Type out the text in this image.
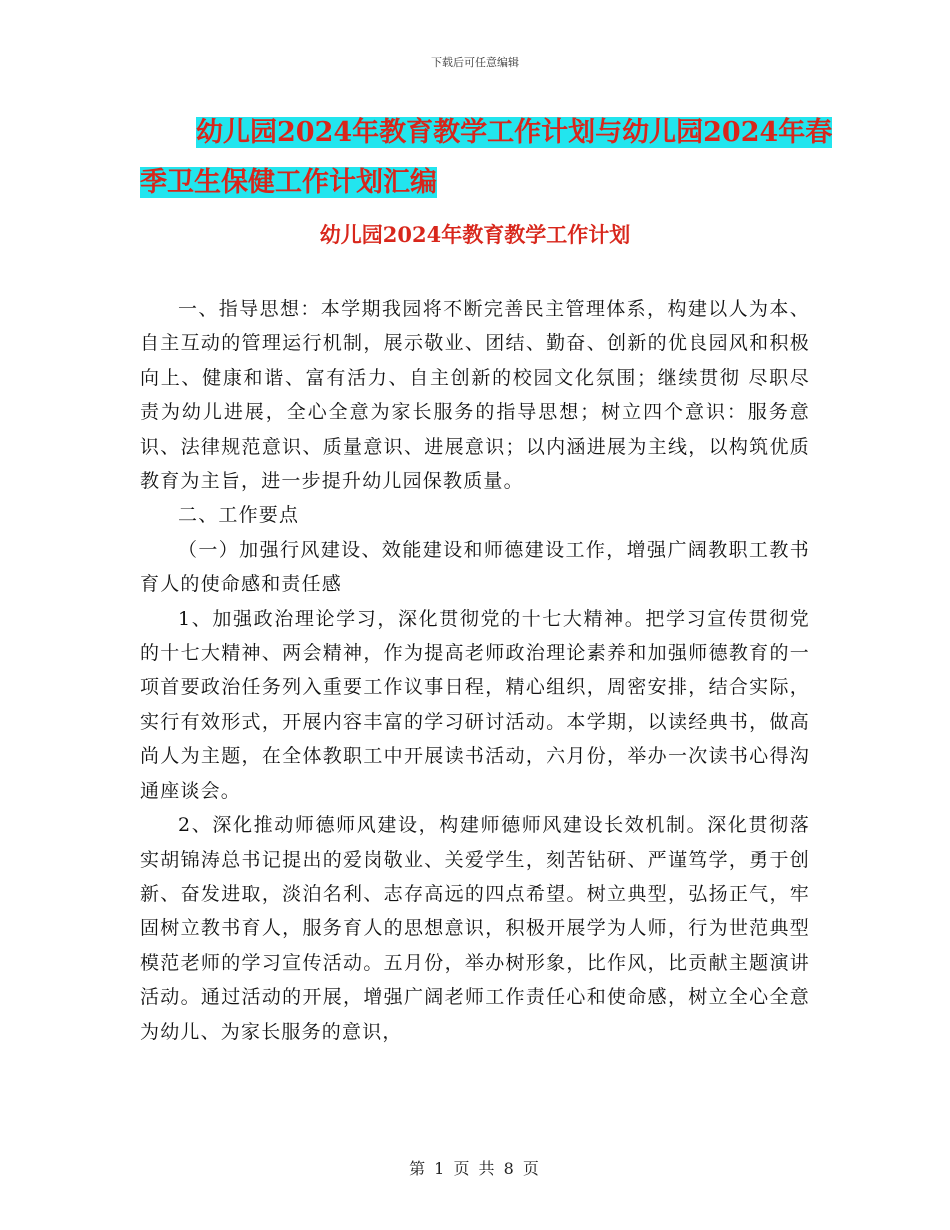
下载后可任意编辑
幼儿园2024年教育教学工作计划与幼儿园2024年春
季卫生保健工作计划汇编
幼儿园2024年教育教学工作计划

一、指导思想：本学期我园将不断完善民主管理体系，构建以人为本、自主互动的管理运行机制，展示敬业、团结、勤奋、创新的优良园风和积极向上、健康和谐、富有活力、自主创新的校园文化氛围；继续贯彻 尽职尽责为幼儿进展，全心全意为家长服务的指导思想；树立四个意识：服务意识、法律规范意识、质量意识、进展意识；以内涵进展为主线，以构筑优质教育为主旨，进一步提升幼儿园保教质量。

二、工作要点

（一）加强行风建设、效能建设和师德建设工作，增强广阔教职工教书育人的使命感和责任感

1、加强政治理论学习，深化贯彻党的十七大精神。把学习宣传贯彻党的十七大精神、两会精神，作为提高老师政治理论素养和加强师德教育的一项首要政治任务列入重要工作议事日程，精心组织，周密安排，结合实际，实行有效形式，开展内容丰富的学习研讨活动。本学期，以读经典书，做高尚人为主题，在全体教职工中开展读书活动，六月份，举办一次读书心得沟通座谈会。

2、深化推动师德师风建设，构建师德师风建设长效机制。深化贯彻落实胡锦涛总书记提出的爱岗敬业、关爱学生，刻苦钻研、严谨笃学，勇于创新、奋发进取，淡泊名利、志存高远的四点希望。树立典型，弘扬正气，牢固树立教书育人，服务育人的思想意识，积极开展学为人师，行为世范典型模范老师的学习宣传活动。五月份，举办树形象，比作风，比贡献主题演讲活动。通过活动的开展，增强广阔老师工作责任心和使命感，树立全心全意为幼儿、为家长服务的意识，

第 1 页 共 8 页
